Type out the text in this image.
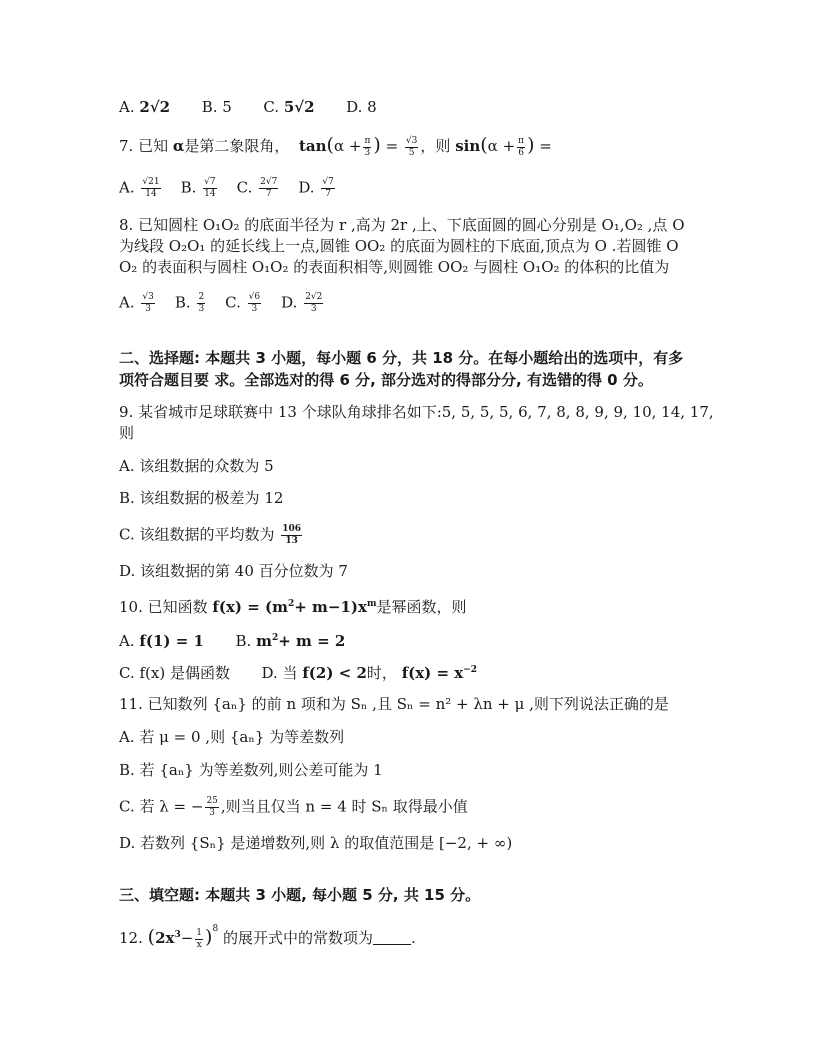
A. 2√2 B. 5 C. 5√2 D. 8
7. 已知 α是第二象限角， $\tan(\alpha + \frac{\pi}{3}$ ) = $\frac{√3}{5}$ ，则 $\sin(\alpha + \frac{\pi}{6}$ ) =
A. $\frac{√21}{14} B$. $\frac{√7}{14} C$. $\frac{2√7}{7} D$. $\frac{√7}{7}$
8. 已知圆柱 O₁O₂ 的底面半径为 r ,高为 2r ,上、下底面圆的圆心分别是 O₁,O₂ ,点 O
为线段 O₂O₁ 的延长线上一点,圆锥 OO₂ 的底面为圆柱的下底面,顶点为 O .若圆锥 O
O₂ 的表面积与圆柱 O₁O₂ 的表面积相等,则圆锥 OO₂ 与圆柱 O₁O₂ 的体积的比值为
A. $\frac{√3}{3} B$. $\frac{2}{3} C$. $\frac{√6}{3} D$. $\frac{2√2}{3}$
二、选择题: 本题共 3 小题，每小题 6 分，共 18 分。在每小题给出的选项中，有多
项符合题目要 求。全部选对的得 6 分, 部分选对的得部分分, 有选错的得 0 分。
9. 某省城市足球联赛中 13 个球队角球排名如下:5, 5, 5, 5, 6, 7, 8, 8, 9, 9, 10, 14, 17,
则
A. 该组数据的众数为 5
B. 该组数据的极差为 12
C. 该组数据的平均数为 $\frac{106}{13}$
D. 该组数据的第 40 百分位数为 7
10. 已知函数 $f(x) = (m^2+ m-1)x^m$是幂函数，则
A. f(1) = 1 B. $m^2+ m = 2$
C. f(x) 是偶函数 D. 当 f(2) < 2时， $f(x) = x^{-2}$
11. 已知数列 {aₙ} 的前 n 项和为 Sₙ ,且 Sₙ = n² + λn + μ ,则下列说法正确的是
A. 若 μ = 0 ,则 {aₙ} 为等差数列
B. 若 {aₙ} 为等差数列,则公差可能为 1
C. 若 λ = − $\frac{25}{3}$ ,则当且仅当 n = 4 时 Sₙ 取得最小值
D. 若数列 {Sₙ} 是递增数列,则 λ 的取值范围是 [−2, + ∞)
三、填空题: 本题共 3 小题, 每小题 5 分, 共 15 分。
12. $(2x^3- \frac{1}{x} )^8$ 的展开式中的常数项为	.
